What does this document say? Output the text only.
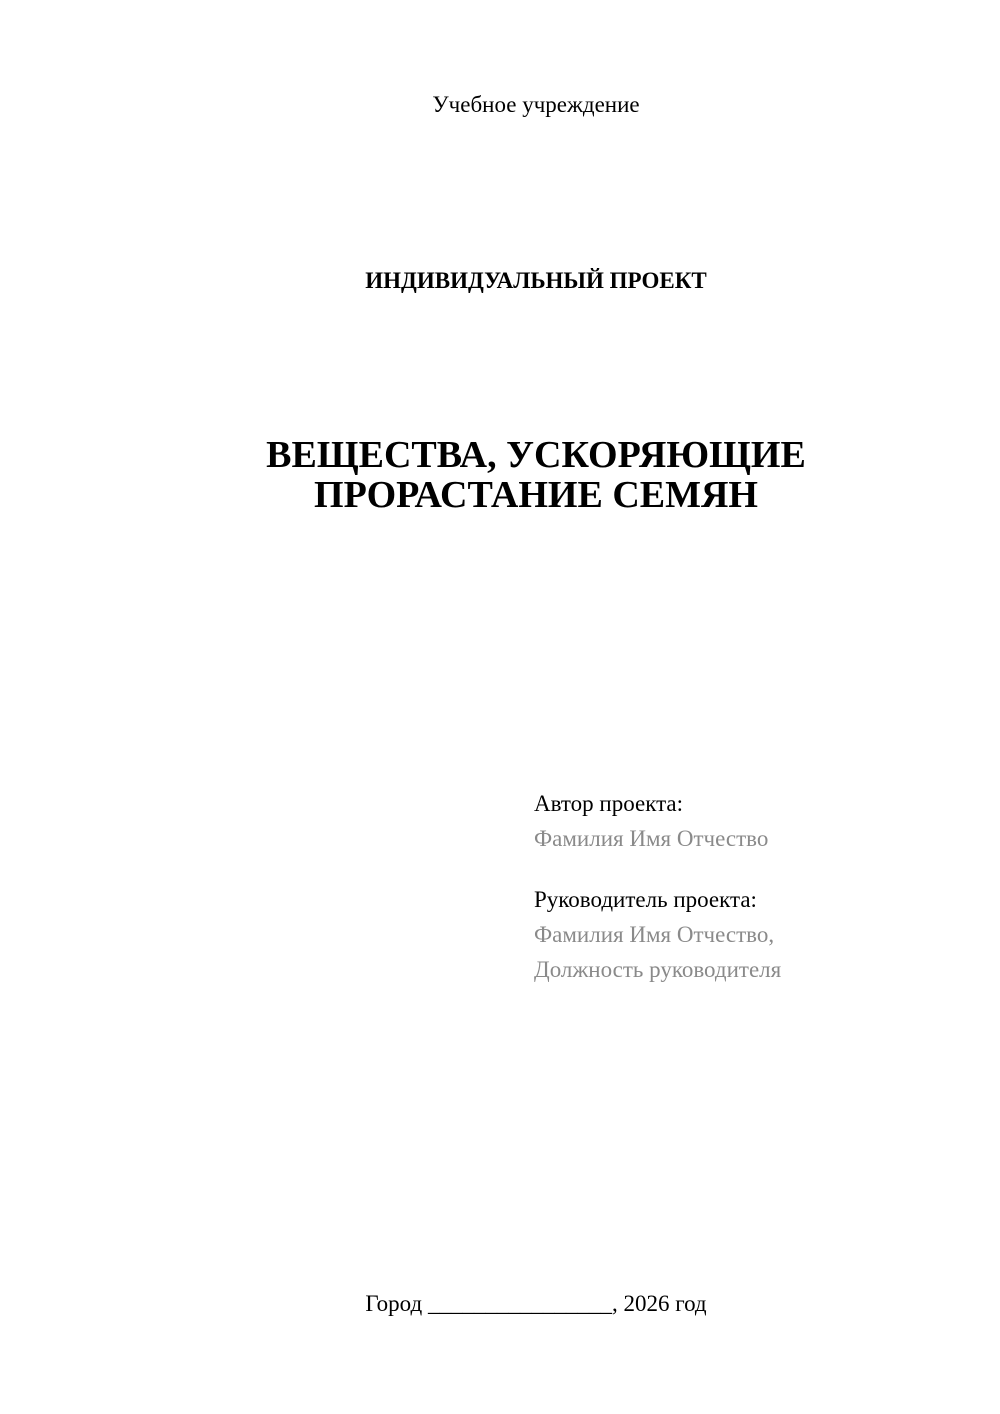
Учебное учреждение
ИНДИВИДУАЛЬНЫЙ ПРОЕКТ
ВЕЩЕСТВА, УСКОРЯЮЩИЕ
ПРОРАСТАНИЕ СЕМЯН
Автор проекта:
Фамилия Имя Отчество
Руководитель проекта:
Фамилия Имя Отчество,
Должность руководителя
Город ________________, 2026 год
